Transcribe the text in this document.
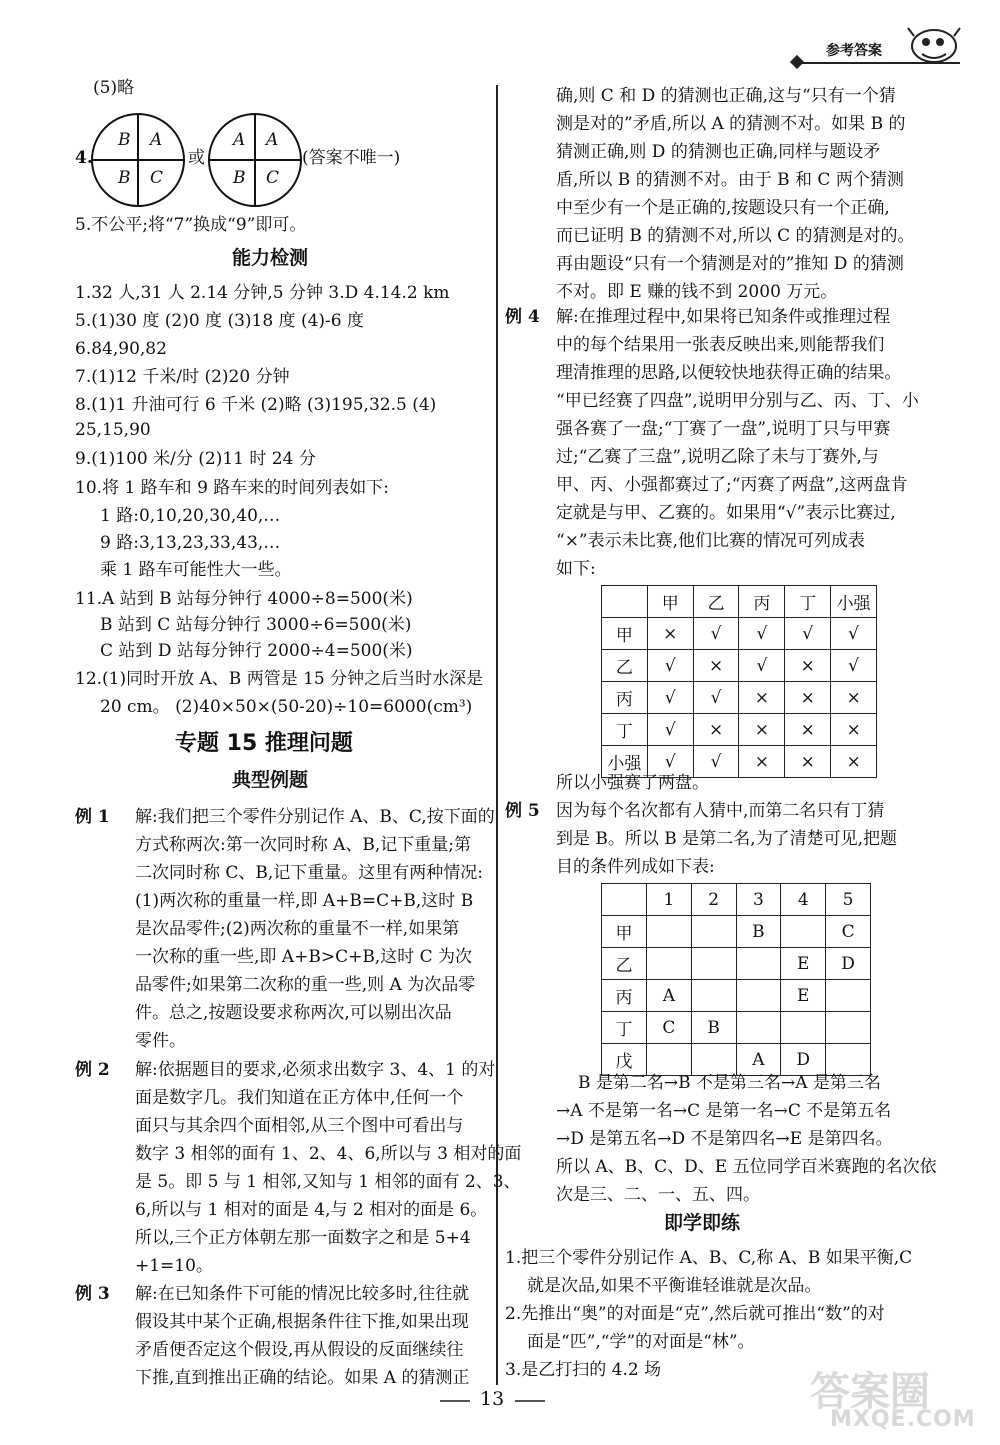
参考答案
(5)略
4.
B A
B C
或
A A
B C
(答案不唯一)
5.不公平;将“7”换成“9”即可。
能力检测
1.32 人,31 人 2.14 分钟,5 分钟 3.D 4.14.2 km
5.(1)30 度 (2)0 度 (3)18 度 (4)-6 度
6.84,90,82
7.(1)12 千米/时 (2)20 分钟
8.(1)1 升油可行 6 千米 (2)略 (3)195,32.5 (4)
25,15,90
9.(1)100 米/分 (2)11 时 24 分
10.将 1 路车和 9 路车来的时间列表如下:
1 路:0,10,20,30,40,…
9 路:3,13,23,33,43,…
乘 1 路车可能性大一些。
11.A 站到 B 站每分钟行 4000÷8=500(米)
B 站到 C 站每分钟行 3000÷6=500(米)
C 站到 D 站每分钟行 2000÷4=500(米)
12.(1)同时开放 A、B 两管是 15 分钟之后当时水深是
20 cm。 (2)40×50×(50-20)÷10=6000(cm³)
专题 15 推理问题
典型例题
例 1 解:我们把三个零件分别记作 A、B、C,按下面的
方式称两次:第一次同时称 A、B,记下重量;第
二次同时称 C、B,记下重量。这里有两种情况:
(1)两次称的重量一样,即 A+B=C+B,这时 B
是次品零件;(2)两次称的重量不一样,如果第
一次称的重一些,即 A+B>C+B,这时 C 为次
品零件;如果第二次称的重一些,则 A 为次品零
件。总之,按题设要求称两次,可以剔出次品
零件。
例 2 解:依据题目的要求,必须求出数字 3、4、1 的对
面是数字几。我们知道在正方体中,任何一个
面只与其余四个面相邻,从三个图中可看出与
数字 3 相邻的面有 1、2、4、6,所以与 3 相对的面
是 5。即 5 与 1 相邻,又知与 1 相邻的面有 2、3、
6,所以与 1 相对的面是 4,与 2 相对的面是 6。
所以,三个正方体朝左那一面数字之和是 5+4
+1=10。
例 3 解:在已知条件下可能的情况比较多时,往往就
假设其中某个正确,根据条件往下推,如果出现
矛盾便否定这个假设,再从假设的反面继续往
下推,直到推出正确的结论。如果 A 的猜测正
确,则 C 和 D 的猜测也正确,这与“只有一个猜
测是对的”矛盾,所以 A 的猜测不对。如果 B 的
猜测正确,则 D 的猜测也正确,同样与题设矛
盾,所以 B 的猜测不对。由于 B 和 C 两个猜测
中至少有一个是正确的,按题设只有一个正确,
而已证明 B 的猜测不对,所以 C 的猜测是对的。
再由题设“只有一个猜测是对的”推知 D 的猜测
不对。即 E 赚的钱不到 2000 万元。
例 4 解:在推理过程中,如果将已知条件或推理过程
中的每个结果用一张表反映出来,则能帮我们
理清推理的思路,以便较快地获得正确的结果。
“甲已经赛了四盘”,说明甲分别与乙、丙、丁、小
强各赛了一盘;“丁赛了一盘”,说明丁只与甲赛
过;“乙赛了三盘”,说明乙除了未与丁赛外,与
甲、丙、小强都赛过了;“丙赛了两盘”,这两盘肯
定就是与甲、乙赛的。如果用“√”表示比赛过,
“×”表示未比赛,他们比赛的情况可列成表
如下:
	甲	乙	丙	丁	小强
甲	×	√	√	√	√
乙	√	×	√	×	√
丙	√	√	×	×	×
丁	√	×	×	×	×
小强	√	√	×	×	×
所以小强赛了两盘。
例 5 因为每个名次都有人猜中,而第二名只有丁猜
到是 B。所以 B 是第二名,为了清楚可见,把题
目的条件列成如下表:
	1	2	3	4	5
甲			B		C
乙				E	D
丙	A			E	
丁	C	B			
戊			A	D	
B 是第二名→B 不是第三名→A 是第三名
→A 不是第一名→C 是第一名→C 不是第五名
→D 是第五名→D 不是第四名→E 是第四名。
所以 A、B、C、D、E 五位同学百米赛跑的名次依
次是三、二、一、五、四。
即学即练
1.把三个零件分别记作 A、B、C,称 A、B 如果平衡,C
就是次品,如果不平衡谁轻谁就是次品。
2.先推出“奥”的对面是“克”,然后就可推出“数”的对
面是“匹”,“学”的对面是“林”。
3.是乙打扫的 4.2 场
13	答案圈
MXQE.COM
